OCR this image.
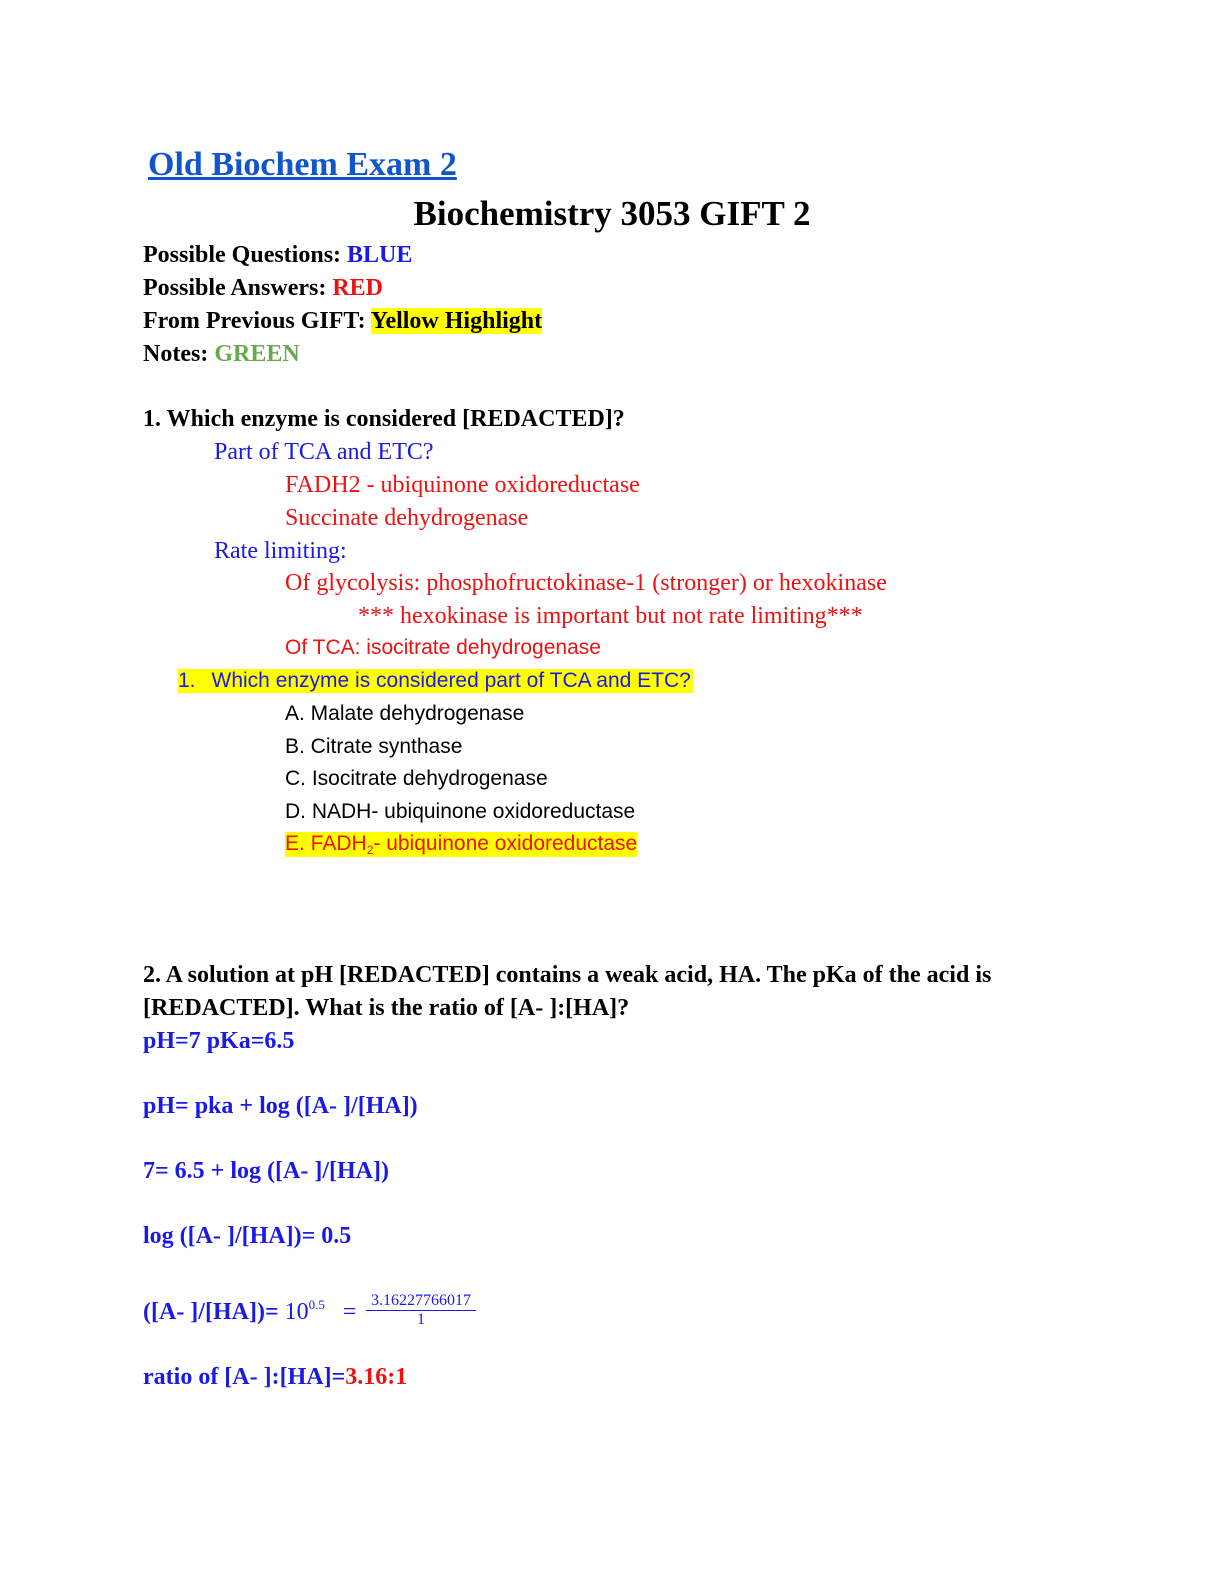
Old Biochem Exam 2
Biochemistry 3053 GIFT 2
Possible Questions: BLUE
Possible Answers: RED
From Previous GIFT: Yellow Highlight
Notes: GREEN
1. Which enzyme is considered [REDACTED]?
Part of TCA and ETC?
FADH2 - ubiquinone oxidoreductase
Succinate dehydrogenase
Rate limiting:
Of glycolysis: phosphofructokinase-1 (stronger) or hexokinase
*** hexokinase is important but not rate limiting***
Of TCA: isocitrate dehydrogenase
1. Which enzyme is considered part of TCA and ETC?
A. Malate dehydrogenase
B. Citrate synthase
C. Isocitrate dehydrogenase
D. NADH- ubiquinone oxidoreductase
E. $FADH_2-$ ubiquinone oxidoreductase
2. A solution at pH [REDACTED] contains a weak acid, HA. The pKa of the acid is
[REDACTED]. What is the ratio of [A- ]:[HA]?
pH=7 pKa=6.5
pH= pka + log ([A- ]/[HA])
7= 6.5 + log ([A- ]/[HA])
log ([A- ]/[HA])= 0.5
([A- ]$/[HA])= 10^{0.5} = \frac{3.16227766017}{1}$
ratio of [A- ]:[HA]=3.16:1
